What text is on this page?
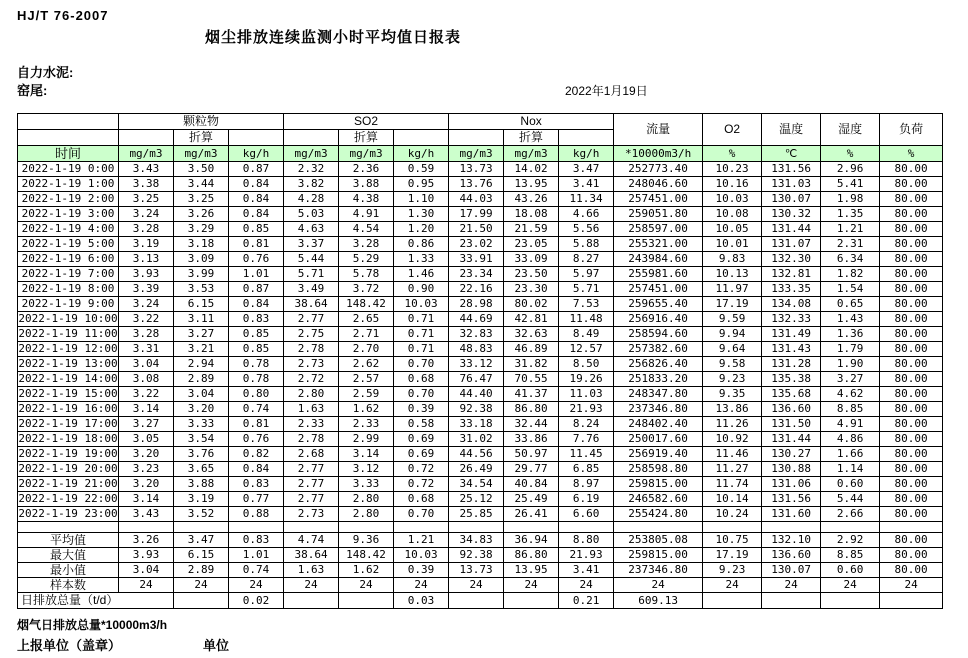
HJ/T 76-2007
烟尘排放连续监测小时平均值日报表
自力水泥:
窑尾:	2022年1月19日
	颗粒物			SO2			Nox			流量	O2	温度	湿度	负荷
		折算			折算			折算						
时间	mg/m3	mg/m3	kg/h	mg/m3	mg/m3	kg/h	mg/m3	mg/m3	kg/h	*10000m3/h	%	℃	%	%
2022-1-19 0:00	3.43	3.50	0.87	2.32	2.36	0.59	13.73	14.02	3.47	252773.40	10.23	131.56	2.96	80.00
2022-1-19 1:00	3.38	3.44	0.84	3.82	3.88	0.95	13.76	13.95	3.41	248046.60	10.16	131.03	5.41	80.00
2022-1-19 2:00	3.25	3.25	0.84	4.28	4.38	1.10	44.03	43.26	11.34	257451.00	10.03	130.07	1.98	80.00
2022-1-19 3:00	3.24	3.26	0.84	5.03	4.91	1.30	17.99	18.08	4.66	259051.80	10.08	130.32	1.35	80.00
2022-1-19 4:00	3.28	3.29	0.85	4.63	4.54	1.20	21.50	21.59	5.56	258597.00	10.05	131.44	1.21	80.00
2022-1-19 5:00	3.19	3.18	0.81	3.37	3.28	0.86	23.02	23.05	5.88	255321.00	10.01	131.07	2.31	80.00
2022-1-19 6:00	3.13	3.09	0.76	5.44	5.29	1.33	33.91	33.09	8.27	243984.60	9.83	132.30	6.34	80.00
2022-1-19 7:00	3.93	3.99	1.01	5.71	5.78	1.46	23.34	23.50	5.97	255981.60	10.13	132.81	1.82	80.00
2022-1-19 8:00	3.39	3.53	0.87	3.49	3.72	0.90	22.16	23.30	5.71	257451.00	11.97	133.35	1.54	80.00
2022-1-19 9:00	3.24	6.15	0.84	38.64	148.42	10.03	28.98	80.02	7.53	259655.40	17.19	134.08	0.65	80.00
2022-1-19 10:00	3.22	3.11	0.83	2.77	2.65	0.71	44.69	42.81	11.48	256916.40	9.59	132.33	1.43	80.00
2022-1-19 11:00	3.28	3.27	0.85	2.75	2.71	0.71	32.83	32.63	8.49	258594.60	9.94	131.49	1.36	80.00
2022-1-19 12:00	3.31	3.21	0.85	2.78	2.70	0.71	48.83	46.89	12.57	257382.60	9.64	131.43	1.79	80.00
2022-1-19 13:00	3.04	2.94	0.78	2.73	2.62	0.70	33.12	31.82	8.50	256826.40	9.58	131.28	1.90	80.00
2022-1-19 14:00	3.08	2.89	0.78	2.72	2.57	0.68	76.47	70.55	19.26	251833.20	9.23	135.38	3.27	80.00
2022-1-19 15:00	3.22	3.04	0.80	2.80	2.59	0.70	44.40	41.37	11.03	248347.80	9.35	135.68	4.62	80.00
2022-1-19 16:00	3.14	3.20	0.74	1.63	1.62	0.39	92.38	86.80	21.93	237346.80	13.86	136.60	8.85	80.00
2022-1-19 17:00	3.27	3.33	0.81	2.33	2.33	0.58	33.18	32.44	8.24	248402.40	11.26	131.50	4.91	80.00
2022-1-19 18:00	3.05	3.54	0.76	2.78	2.99	0.69	31.02	33.86	7.76	250017.60	10.92	131.44	4.86	80.00
2022-1-19 19:00	3.20	3.76	0.82	2.68	3.14	0.69	44.56	50.97	11.45	256919.40	11.46	130.27	1.66	80.00
2022-1-19 20:00	3.23	3.65	0.84	2.77	3.12	0.72	26.49	29.77	6.85	258598.80	11.27	130.88	1.14	80.00
2022-1-19 21:00	3.20	3.88	0.83	2.77	3.33	0.72	34.54	40.84	8.97	259815.00	11.74	131.06	0.60	80.00
2022-1-19 22:00	3.14	3.19	0.77	2.77	2.80	0.68	25.12	25.49	6.19	246582.60	10.14	131.56	5.44	80.00
2022-1-19 23:00	3.43	3.52	0.88	2.73	2.80	0.70	25.85	26.41	6.60	255424.80	10.24	131.60	2.66	80.00

平均值	3.26	3.47	0.83	4.74	9.36	1.21	34.83	36.94	8.80	253805.08	10.75	132.10	2.92	80.00
最大值	3.93	6.15	1.01	38.64	148.42	10.03	92.38	86.80	21.93	259815.00	17.19	136.60	8.85	80.00
最小值	3.04	2.89	0.74	1.63	1.62	0.39	13.73	13.95	3.41	237346.80	9.23	130.07	0.60	80.00
样本数	24	24	24	24	24	24	24	24	24	24	24	24	24	24
日排放总量（t/d）			0.02			0.03			0.21	609.13				
烟气日排放总量*10000m3/h
上报单位（盖章）	单位
